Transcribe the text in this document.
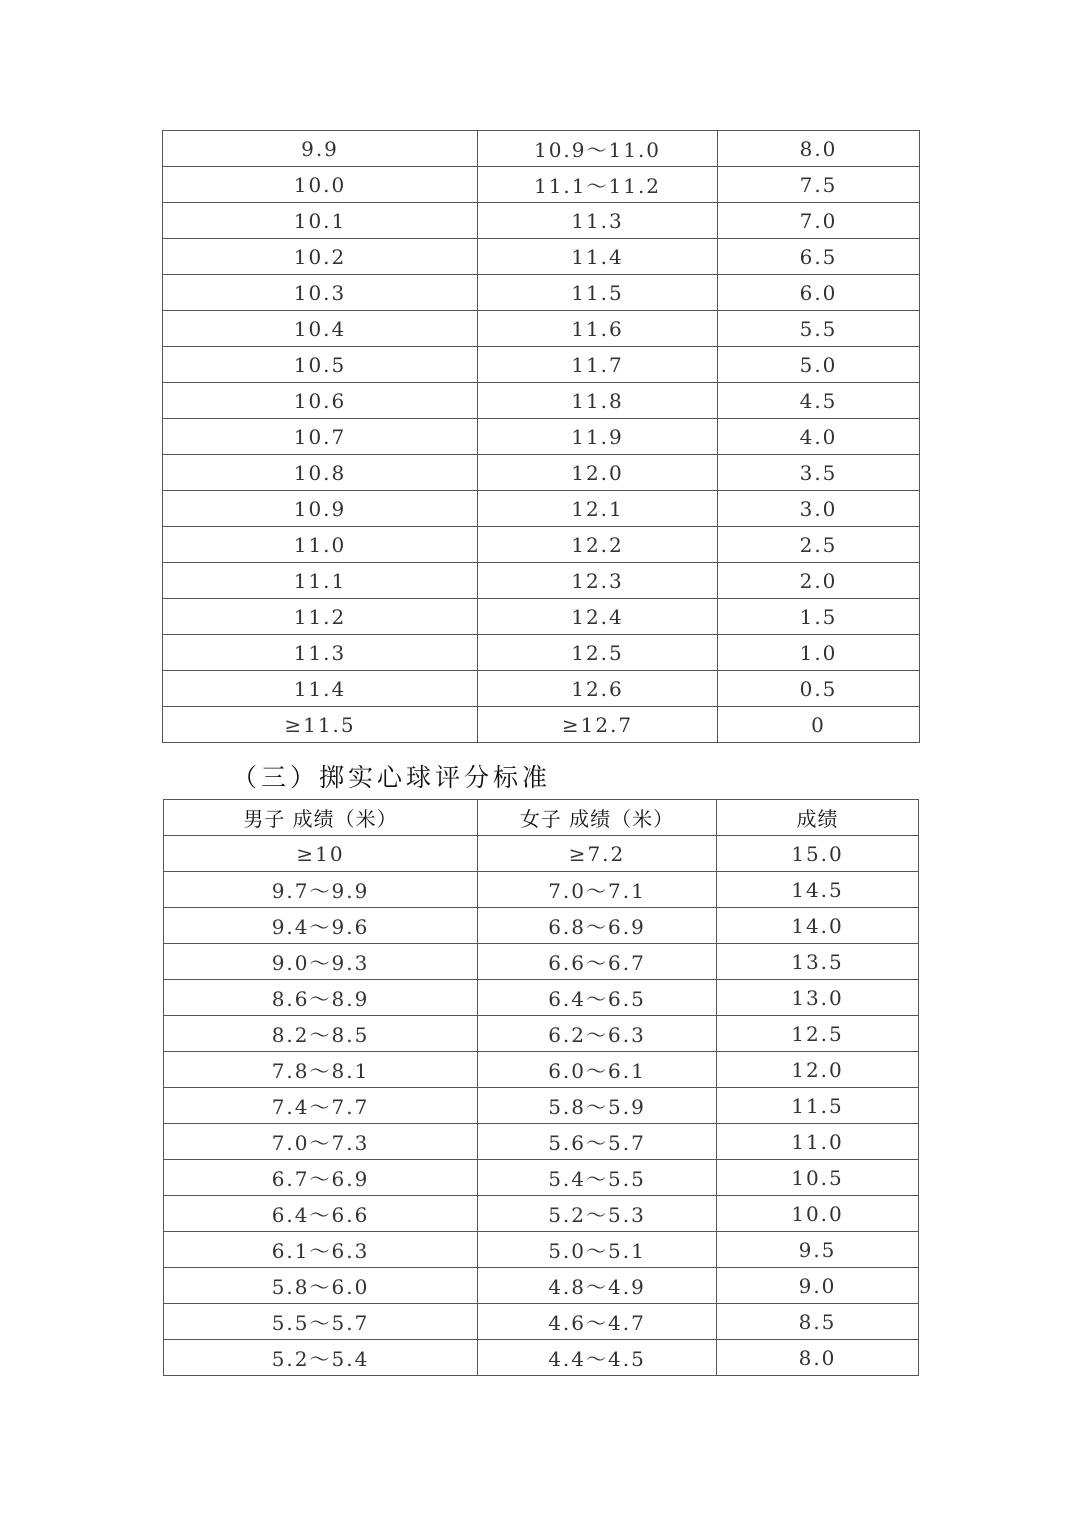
9.9	10.9～11.0	8.0
10.0	11.1～11.2	7.5
10.1	11.3	7.0
10.2	11.4	6.5
10.3	11.5	6.0
10.4	11.6	5.5
10.5	11.7	5.0
10.6	11.8	4.5
10.7	11.9	4.0
10.8	12.0	3.5
10.9	12.1	3.0
11.0	12.2	2.5
11.1	12.3	2.0
11.2	12.4	1.5
11.3	12.5	1.0
11.4	12.6	0.5
≥11.5	≥12.7	0
（三）掷实心球评分标准
男子 成绩（米）	女子 成绩（米）	成绩
≥10	≥7.2	15.0
9.7～9.9	7.0～7.1	14.5
9.4～9.6	6.8～6.9	14.0
9.0～9.3	6.6～6.7	13.5
8.6～8.9	6.4～6.5	13.0
8.2～8.5	6.2～6.3	12.5
7.8～8.1	6.0～6.1	12.0
7.4～7.7	5.8～5.9	11.5
7.0～7.3	5.6～5.7	11.0
6.7～6.9	5.4～5.5	10.5
6.4～6.6	5.2～5.3	10.0
6.1～6.3	5.0～5.1	9.5
5.8～6.0	4.8～4.9	9.0
5.5～5.7	4.6～4.7	8.5
5.2～5.4	4.4～4.5	8.0
